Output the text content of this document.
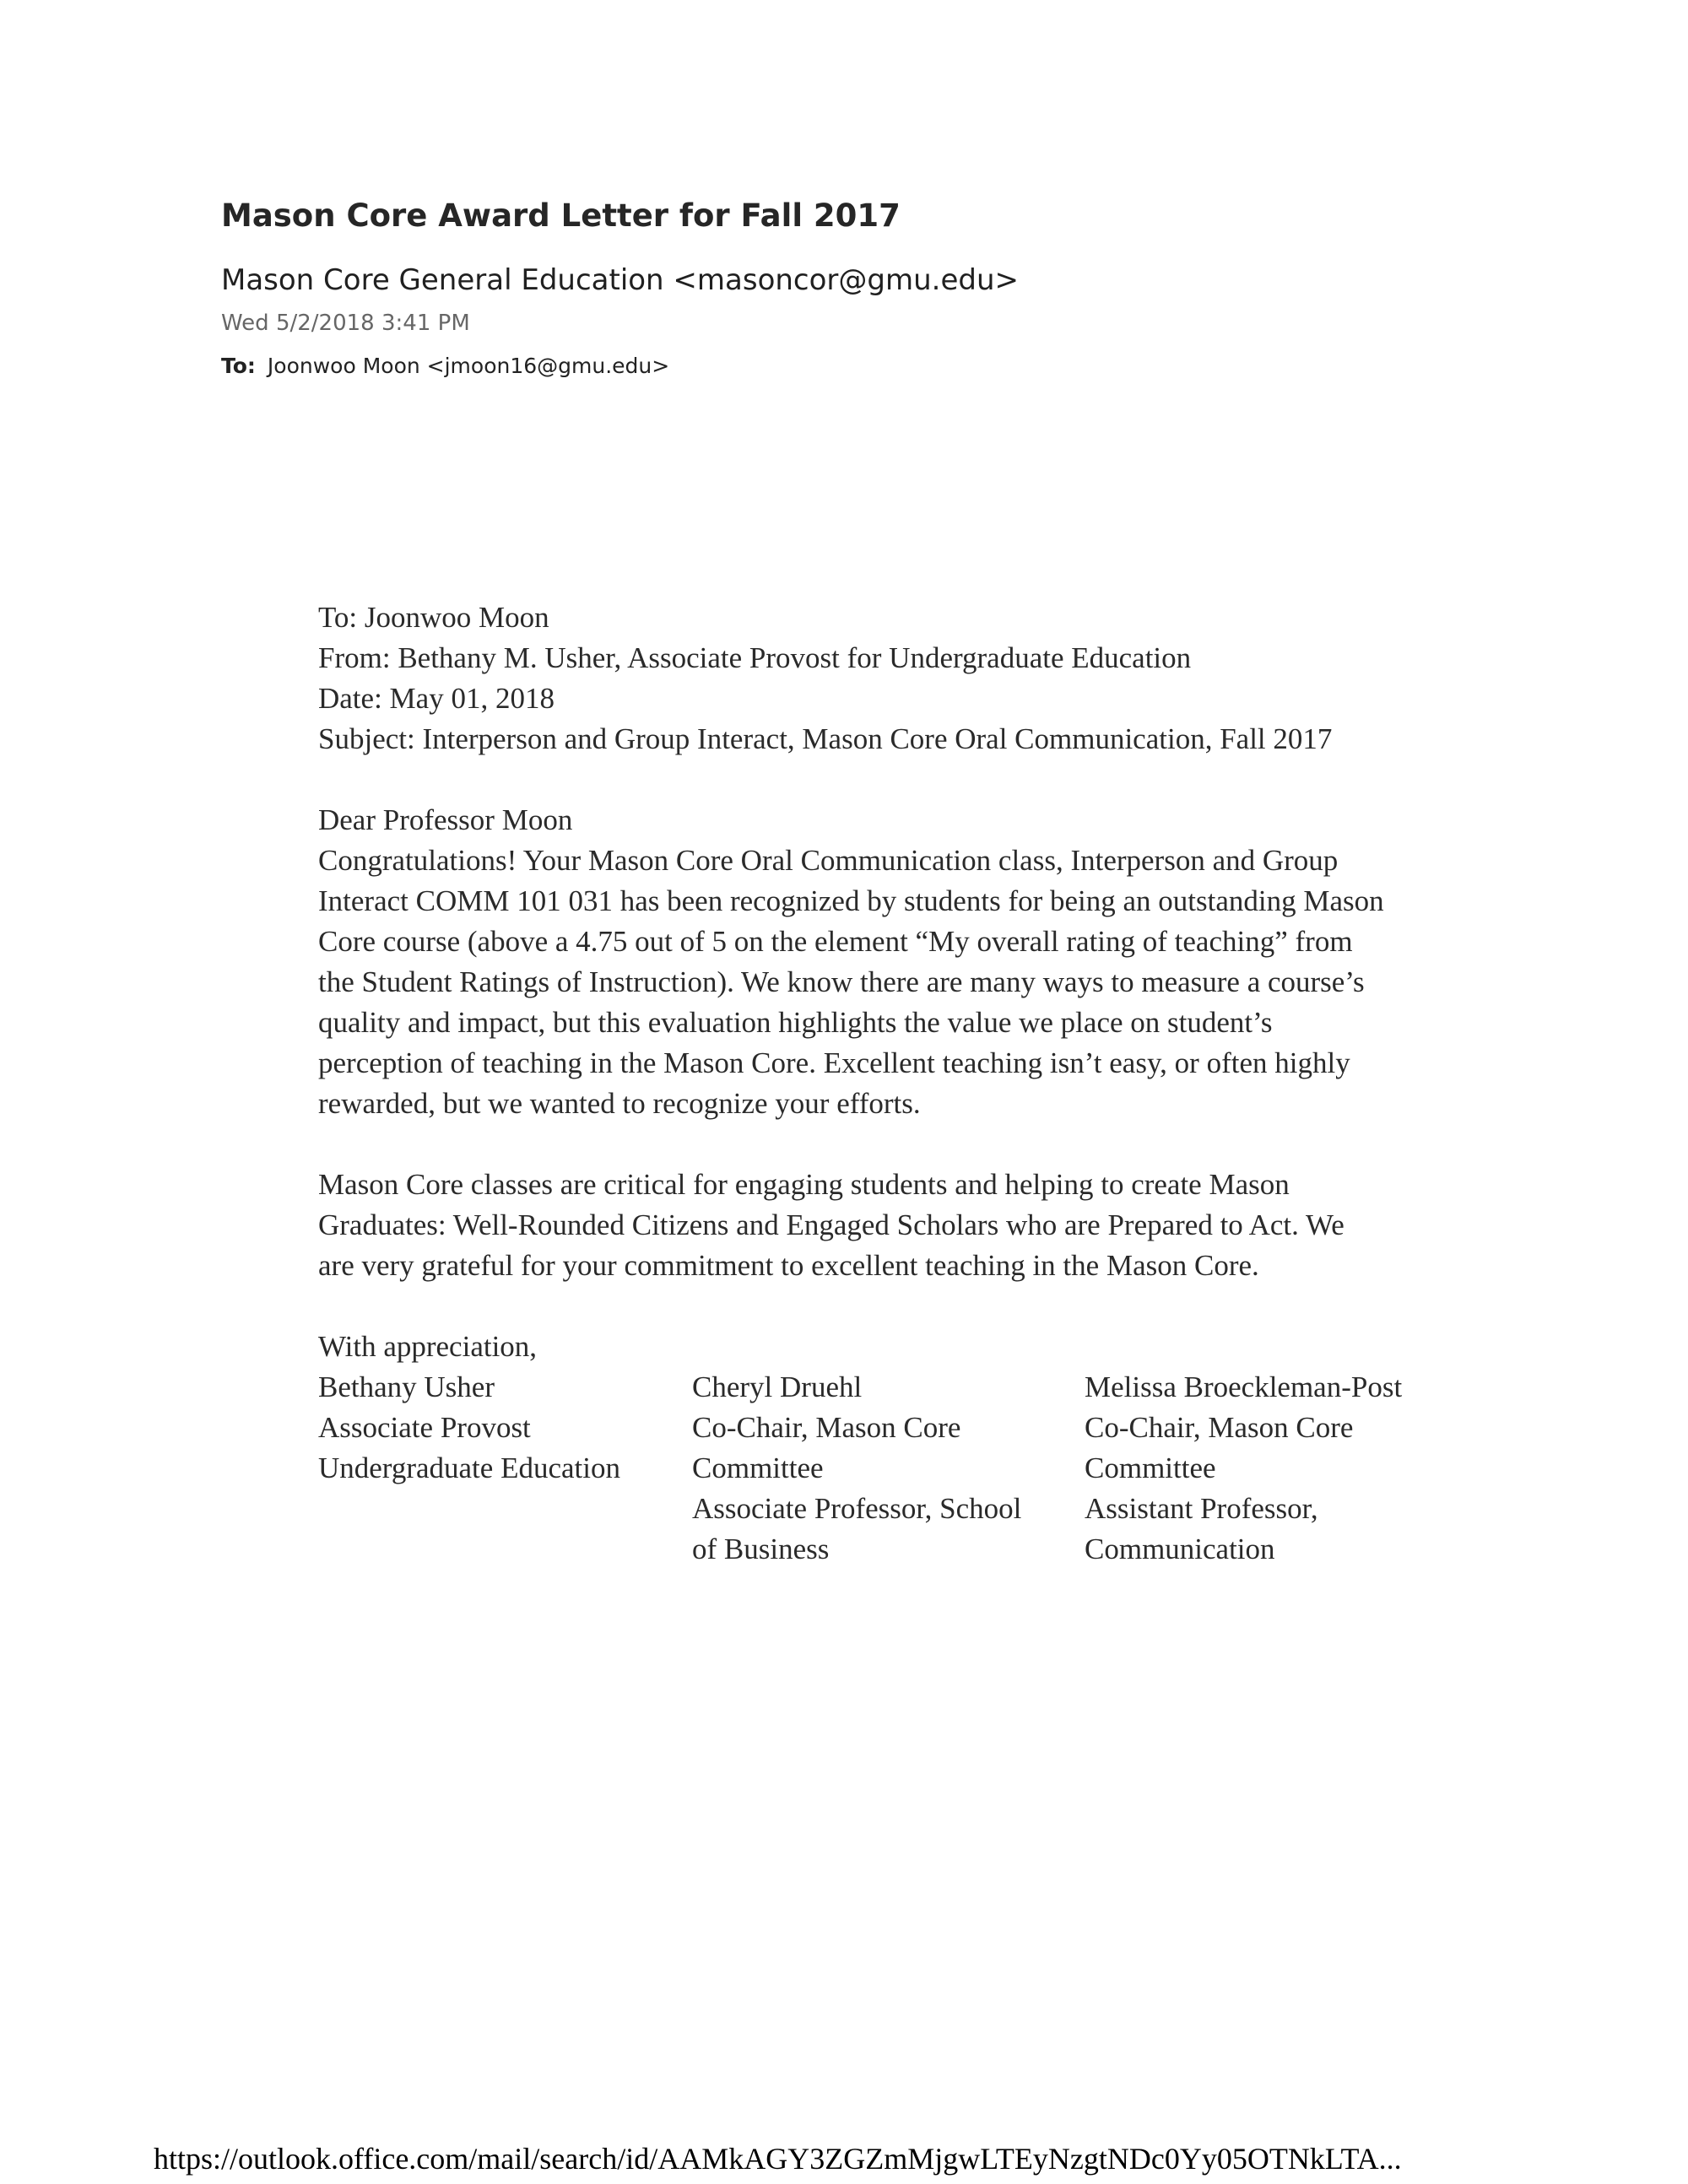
Mason Core Award Letter for Fall 2017
Mason Core General Education <masoncor@gmu.edu>
Wed 5/2/2018 3:41 PM
To: Joonwoo Moon <jmoon16@gmu.edu>

To: Joonwoo Moon

From: Bethany M. Usher, Associate Provost for Undergraduate Education

Date: May 01, 2018

Subject: Interperson and Group Interact, Mason Core Oral Communication, Fall 2017

Dear Professor Moon

Congratulations! Your Mason Core Oral Communication class, Interperson and Group

Interact COMM 101 031 has been recognized by students for being an outstanding Mason

Core course (above a 4.75 out of 5 on the element “My overall rating of teaching” from

the Student Ratings of Instruction). We know there are many ways to measure a course’s

quality and impact, but this evaluation highlights the value we place on student’s

perception of teaching in the Mason Core. Excellent teaching isn’t easy, or often highly

rewarded, but we wanted to recognize your efforts.

Mason Core classes are critical for engaging students and helping to create Mason

Graduates: Well-Rounded Citizens and Engaged Scholars who are Prepared to Act. We

are very grateful for your commitment to excellent teaching in the Mason Core.

With appreciation,

Bethany Usher

Associate Provost

Undergraduate Education

Cheryl Druehl

Co-Chair, Mason Core

Committee

Associate Professor, School

of Business

Melissa Broeckleman-Post

Co-Chair, Mason Core

Committee

Assistant Professor,

Communication

https://outlook.office.com/mail/search/id/AAMkAGY3ZGZmMjgwLTEyNzgtNDc0Yy05OTNkLTA...
